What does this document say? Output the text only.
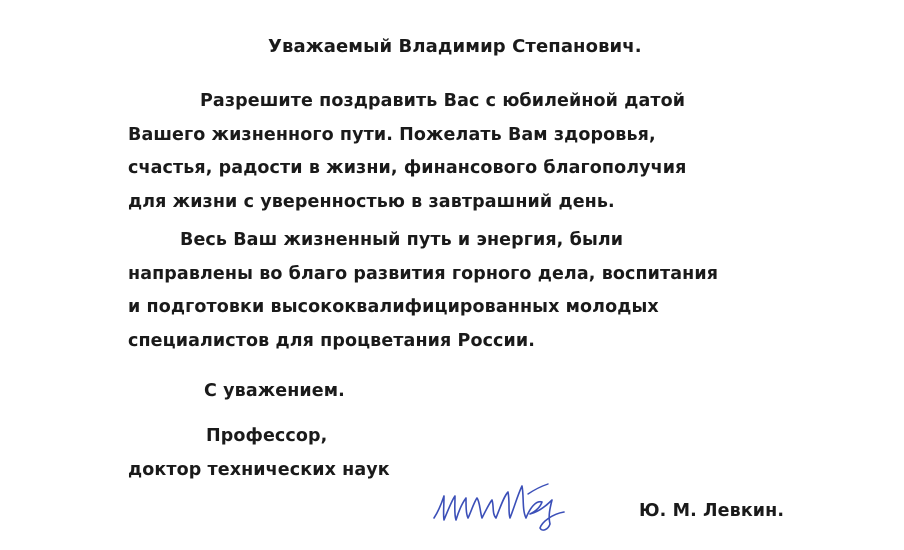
Уважаемый Владимир Степанович.
Разрешите поздравить Вас с юбилейной датой
Вашего жизненного пути. Пожелать Вам здоровья,
счастья, радости в жизни, финансового благополучия
для жизни с уверенностью в завтрашний день.
Весь Ваш жизненный путь и энергия, были
направлены во благо развития горного дела, воспитания
и подготовки высококвалифицированных молодых
специалистов для процветания России.
С уважением.
Профессор,
доктор технических наук
Ю. М. Левкин.
